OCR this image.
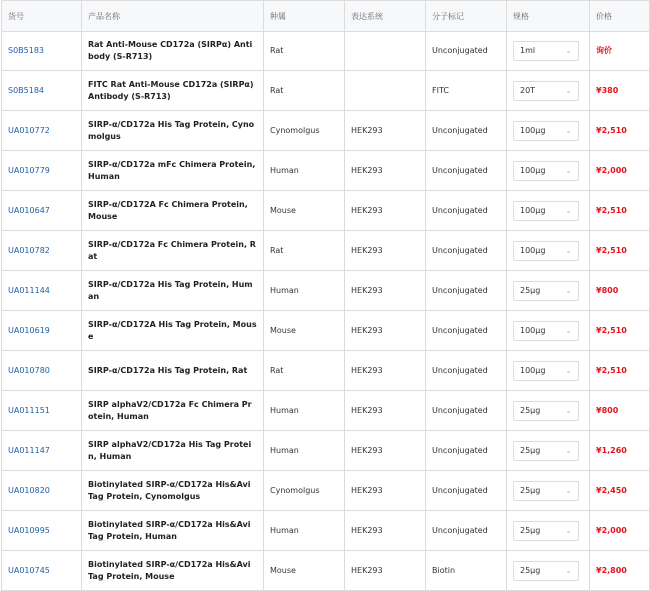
货号	产品名称	种属	表达系统	分子标记	规格	价格
S0B5183	Rat Anti-Mouse CD172a (SIRPα) Antibody (S-R713)	Rat		Unconjugated	1ml ⌄	询价
S0B5184	FITC Rat Anti-Mouse CD172a (SIRPα) Antibody (S-R713)	Rat		FITC	20T ⌄	¥380
UA010772	SIRP-α/CD172a His Tag Protein, Cynomolgus	Cynomolgus	HEK293	Unconjugated	100μg ⌄	¥2,510
UA010779	SIRP-α/CD172a mFc Chimera Protein, Human	Human	HEK293	Unconjugated	100μg ⌄	¥2,000
UA010647	SIRP-α/CD172A Fc Chimera Protein, Mouse	Mouse	HEK293	Unconjugated	100μg ⌄	¥2,510
UA010782	SIRP-α/CD172a Fc Chimera Protein, Rat	Rat	HEK293	Unconjugated	100μg ⌄	¥2,510
UA011144	SIRP-α/CD172a His Tag Protein, Human	Human	HEK293	Unconjugated	25μg ⌄	¥800
UA010619	SIRP-α/CD172A His Tag Protein, Mouse	Mouse	HEK293	Unconjugated	100μg ⌄	¥2,510
UA010780	SIRP-α/CD172a His Tag Protein, Rat	Rat	HEK293	Unconjugated	100μg ⌄	¥2,510
UA011151	SIRP alphaV2/CD172a Fc Chimera Protein, Human	Human	HEK293	Unconjugated	25μg ⌄	¥800
UA011147	SIRP alphaV2/CD172a His Tag Protein, Human	Human	HEK293	Unconjugated	25μg ⌄	¥1,260
UA010820	Biotinylated SIRP-α/CD172a His&Avi Tag Protein, Cynomolgus	Cynomolgus	HEK293	Unconjugated	25μg ⌄	¥2,450
UA010995	Biotinylated SIRP-α/CD172a His&Avi Tag Protein, Human	Human	HEK293	Unconjugated	25μg ⌄	¥2,000
UA010745	Biotinylated SIRP-α/CD172a His&Avi Tag Protein, Mouse	Mouse	HEK293	Biotin	25μg ⌄	¥2,800
